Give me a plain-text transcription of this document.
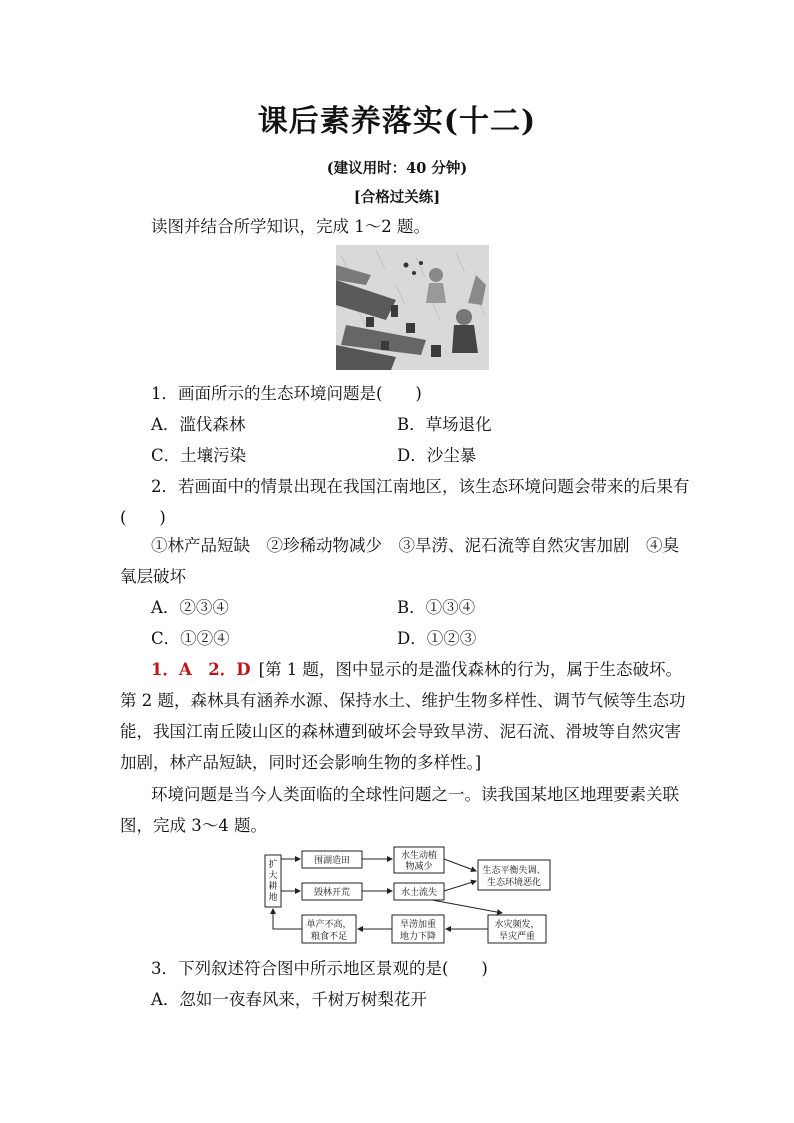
课后素养落实(十二)
(建议用时：40 分钟)
[合格过关练]
读图并结合所学知识，完成 1～2 题。
1．画面所示的生态环境问题是(　　)
A．滥伐森林	B．草场退化
C．土壤污染	D．沙尘暴
2．若画面中的情景出现在我国江南地区，该生态环境问题会带来的后果有
(　　)
①林产品短缺　②珍稀动物减少　③旱涝、泥石流等自然灾害加剧　④臭
氧层破坏
A．②③④	B．①③④
C．①②④	D．①②③
1．A　2．D [第 1 题，图中显示的是滥伐森林的行为，属于生态破坏。
第 2 题，森林具有涵养水源、保持水土、维护生物多样性、调节气候等生态功
能，我国江南丘陵山区的森林遭到破坏会导致旱涝、泥石流、滑坡等自然灾害
加剧，林产品短缺，同时还会影响生物的多样性。]
环境问题是当今人类面临的全球性问题之一。读我国某地区地理要素关联
图，完成 3～4 题。
扩
大
耕
地
围湖造田
毁林开荒
水生动植
物减少
水土流失
生态平衡失调、
生态环境恶化
水灾频发，
旱灾严重
旱涝加重
地力下降
单产不高，
粮食不足
3．下列叙述符合图中所示地区景观的是(　　)
A．忽如一夜春风来，千树万树梨花开
